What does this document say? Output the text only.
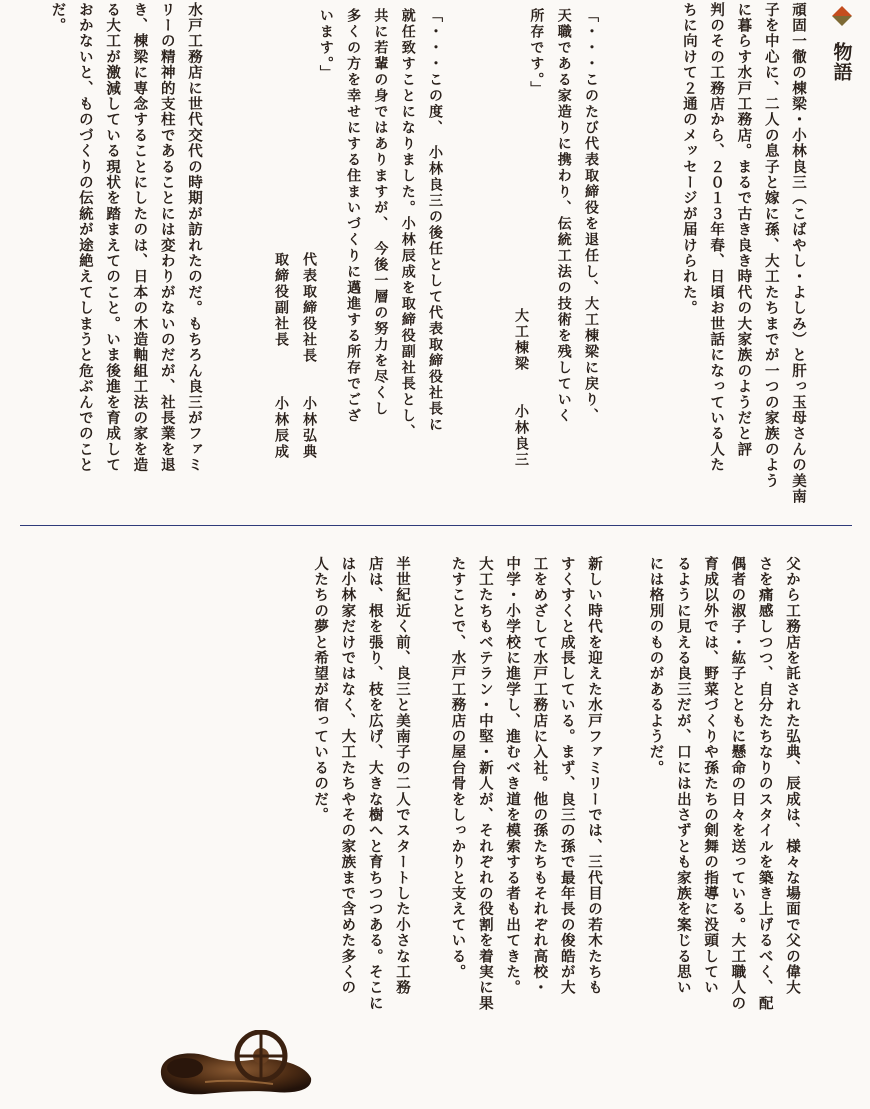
物語
頑固一徹の棟梁・小林良三（こばやし・よしみ）と肝っ玉母さんの美南
子を中心に、二人の息子と嫁に孫、大工たちまでが一つの家族のよう
に暮らす水戸工務店。まるで古き良き時代の大家族のようだと評
判のその工務店から、２０１３年春、日頃お世話になっている人た
ちに向けて２通のメッセージが届けられた。
「・・・このたび代表取締役を退任し、大工棟梁に戻り、
天職である家造りに携わり、伝統工法の技術を残していく
所存です。」
大工棟梁　　小林良三
「・・・この度、　小林良三の後任として代表取締役社長に
就任致すことになりました。小林辰成を取締役副社長とし、
共に若輩の身ではありますが、　今後一層の努力を尽くし
多くの方を幸せにする住まいづくりに邁進する所存でござ
います。」
代表取締役社長　　小林弘典
取締役副社長　　　小林辰成
水戸工務店に世代交代の時期が訪れたのだ。もちろん良三がファミ
リーの精神的支柱であることには変わりがないのだが、社長業を退
き、棟梁に専念することにしたのは、日本の木造軸組工法の家を造
る大工が激減している現状を踏まえてのこと。いま後進を育成して
おかないと、ものづくりの伝統が途絶えてしまうと危ぶんでのこと
だ。
父から工務店を託された弘典、辰成は、様々な場面で父の偉大
さを痛感しつつ、自分たちなりのスタイルを築き上げるべく、配
偶者の淑子・紘子とともに懸命の日々を送っている。大工職人の
育成以外では、野菜づくりや孫たちの剣舞の指導に没頭してい
るように見える良三だが、口には出さずとも家族を案じる思い
には格別のものがあるようだ。
新しい時代を迎えた水戸ファミリーでは、三代目の若木たちも
すくすくと成長している。まず、良三の孫で最年長の俊皓が大
工をめざして水戸工務店に入社。他の孫たちもそれぞれ高校・
中学・小学校に進学し、進むべき道を模索する者も出てきた。
大工たちもベテラン・中堅・新人が、それぞれの役割を着実に果
たすことで、水戸工務店の屋台骨をしっかりと支えている。
半世紀近く前、良三と美南子の二人でスタートした小さな工務
店は、根を張り、枝を広げ、大きな樹へと育ちつつある。そこに
は小林家だけではなく、大工たちやその家族まで含めた多くの
人たちの夢と希望が宿っているのだ。
